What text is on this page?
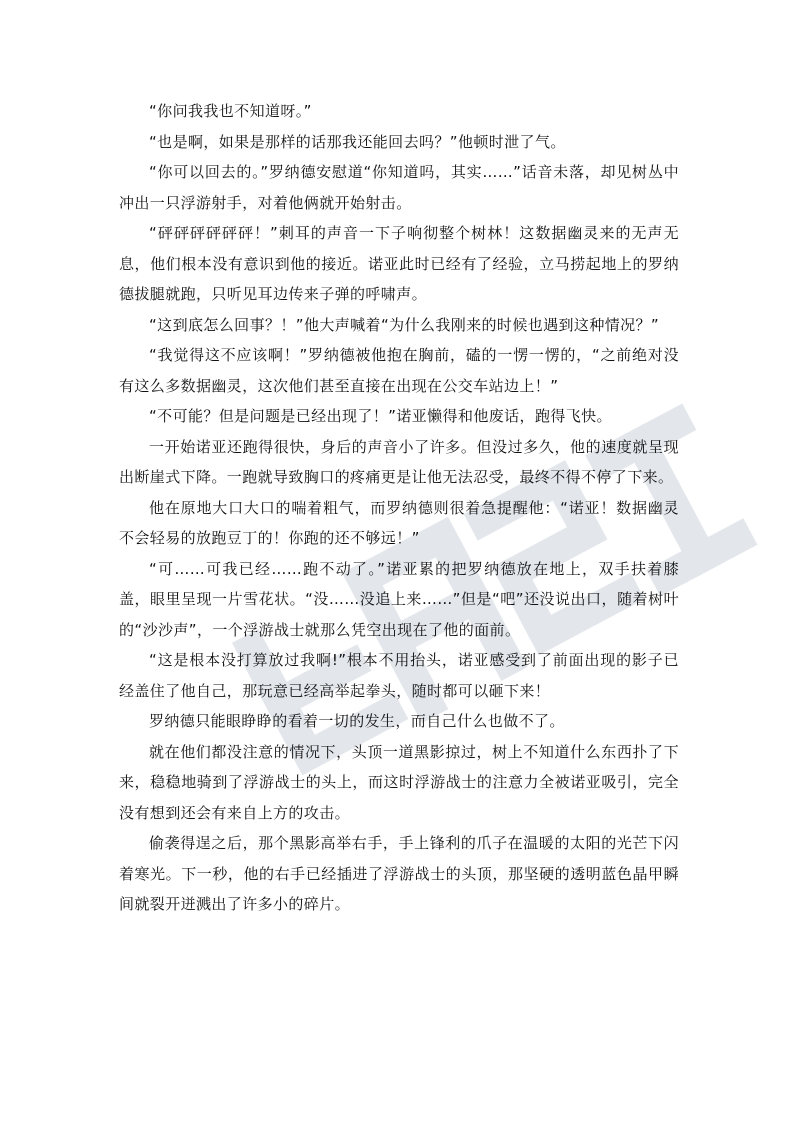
“你问我我也不知道呀。”

“也是啊，如果是那样的话那我还能回去吗？”他顿时泄了气。

“你可以回去的。”罗纳德安慰道“你知道吗，其实……”话音未落，却见树丛中冲出一只浮游射手，对着他俩就开始射击。

“砰砰砰砰砰砰！”刺耳的声音一下子响彻整个树林！这数据幽灵来的无声无息，他们根本没有意识到他的接近。诺亚此时已经有了经验，立马捞起地上的罗纳德拔腿就跑，只听见耳边传来子弹的呼啸声。

“这到底怎么回事？！”他大声喊着“为什么我刚来的时候也遇到这种情况？”

“我觉得这不应该啊！”罗纳德被他抱在胸前，磕的一愣一愣的，“之前绝对没有这么多数据幽灵，这次他们甚至直接在出现在公交车站边上！”

“不可能？但是问题是已经出现了！”诺亚懒得和他废话，跑得飞快。

一开始诺亚还跑得很快，身后的声音小了许多。但没过多久，他的速度就呈现出断崖式下降。一跑就导致胸口的疼痛更是让他无法忍受，最终不得不停了下来。

他在原地大口大口的喘着粗气，而罗纳德则很着急提醒他：“诺亚！数据幽灵不会轻易的放跑豆丁的！你跑的还不够远！”

“可……可我已经……跑不动了。”诺亚累的把罗纳德放在地上，双手扶着膝盖，眼里呈现一片雪花状。“没……没追上来……”但是“吧”还没说出口，随着树叶的“沙沙声”，一个浮游战士就那么凭空出现在了他的面前。

“这是根本没打算放过我啊!”根本不用抬头，诺亚感受到了前面出现的影子已经盖住了他自己，那玩意已经高举起拳头，随时都可以砸下来！

罗纳德只能眼睁睁的看着一切的发生，而自己什么也做不了。

就在他们都没注意的情况下，头顶一道黑影掠过，树上不知道什么东西扑了下来，稳稳地骑到了浮游战士的头上，而这时浮游战士的注意力全被诺亚吸引，完全没有想到还会有来自上方的攻击。

偷袭得逞之后，那个黑影高举右手，手上锋利的爪子在温暖的太阳的光芒下闪着寒光。下一秒，他的右手已经插进了浮游战士的头顶，那坚硬的透明蓝色晶甲瞬间就裂开迸溅出了许多小的碎片。
